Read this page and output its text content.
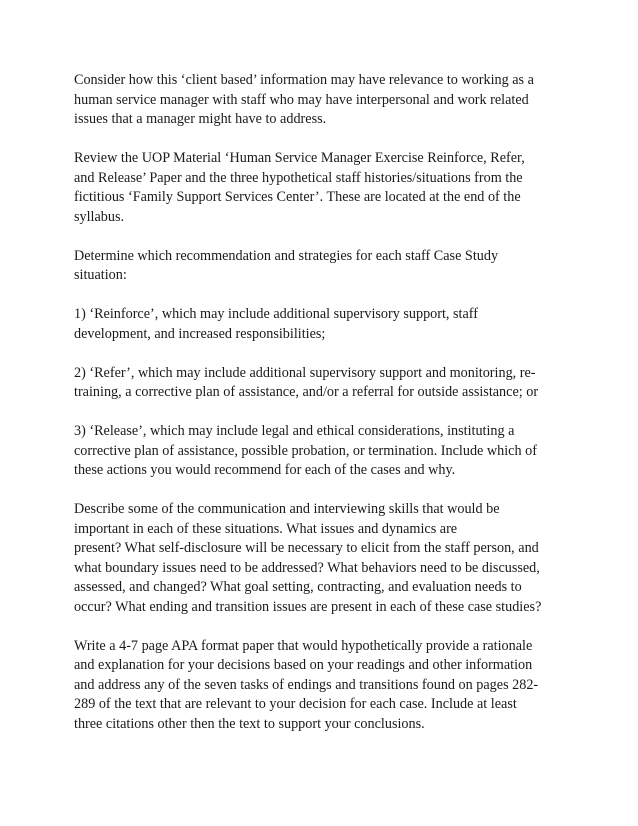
Consider how this ‘client based’ information may have relevance to working as a
human service manager with staff who may have interpersonal and work related
issues that a manager might have to address.

Review the UOP Material ‘Human Service Manager Exercise Reinforce, Refer,
and Release’ Paper and the three hypothetical staff histories/situations from the
fictitious ‘Family Support Services Center’. These are located at the end of the
syllabus.

Determine which recommendation and strategies for each staff Case Study
situation:

1) ‘Reinforce’, which may include additional supervisory support, staff
development, and increased responsibilities;

2) ‘Refer’, which may include additional supervisory support and monitoring, re-
training, a corrective plan of assistance, and/or a referral for outside assistance; or

3) ‘Release’, which may include legal and ethical considerations, instituting a
corrective plan of assistance, possible probation, or termination. Include which of
these actions you would recommend for each of the cases and why.

Describe some of the communication and interviewing skills that would be
important in each of these situations. What issues and dynamics are
present? What self-disclosure will be necessary to elicit from the staff person, and
what boundary issues need to be addressed? What behaviors need to be discussed,
assessed, and changed? What goal setting, contracting, and evaluation needs to
occur? What ending and transition issues are present in each of these case studies?

Write a 4-7 page APA format paper that would hypothetically provide a rationale
and explanation for your decisions based on your readings and other information
and address any of the seven tasks of endings and transitions found on pages 282-
289 of the text that are relevant to your decision for each case. Include at least
three citations other then the text to support your conclusions.
